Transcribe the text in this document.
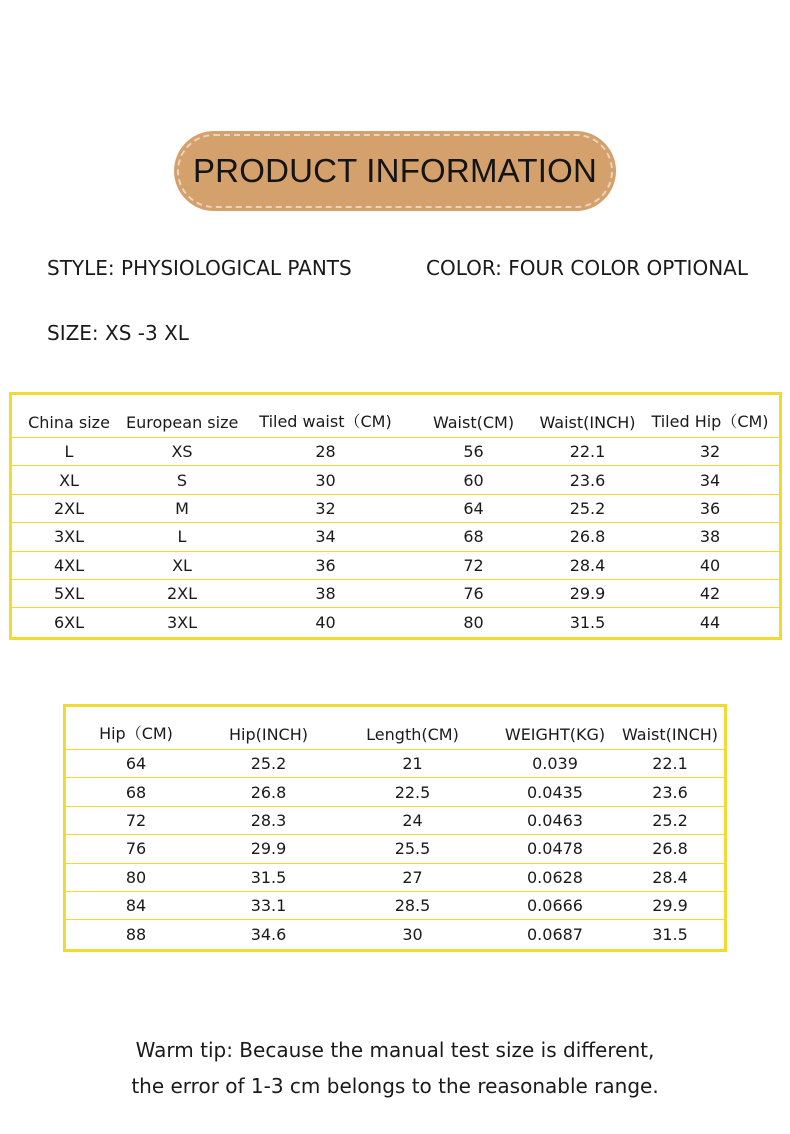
PRODUCT INFORMATION
STYLE: PHYSIOLOGICAL PANTS	COLOR: FOUR COLOR OPTIONAL
SIZE: XS -3 XL
China size	European size	Tiled waist（CM)	Waist(CM)	Waist(INCH)	Tiled Hip（CM)
L	XS	28	56	22.1	32
XL	S	30	60	23.6	34
2XL	M	32	64	25.2	36
3XL	L	34	68	26.8	38
4XL	XL	36	72	28.4	40
5XL	2XL	38	76	29.9	42
6XL	3XL	40	80	31.5	44
Hip（CM)	Hip(INCH)	Length(CM)	WEIGHT(KG)	Waist(INCH)
64	25.2	21	0.039	22.1
68	26.8	22.5	0.0435	23.6
72	28.3	24	0.0463	25.2
76	29.9	25.5	0.0478	26.8
80	31.5	27	0.0628	28.4
84	33.1	28.5	0.0666	29.9
88	34.6	30	0.0687	31.5
Warm tip: Because the manual test size is different,
the error of 1-3 cm belongs to the reasonable range.
